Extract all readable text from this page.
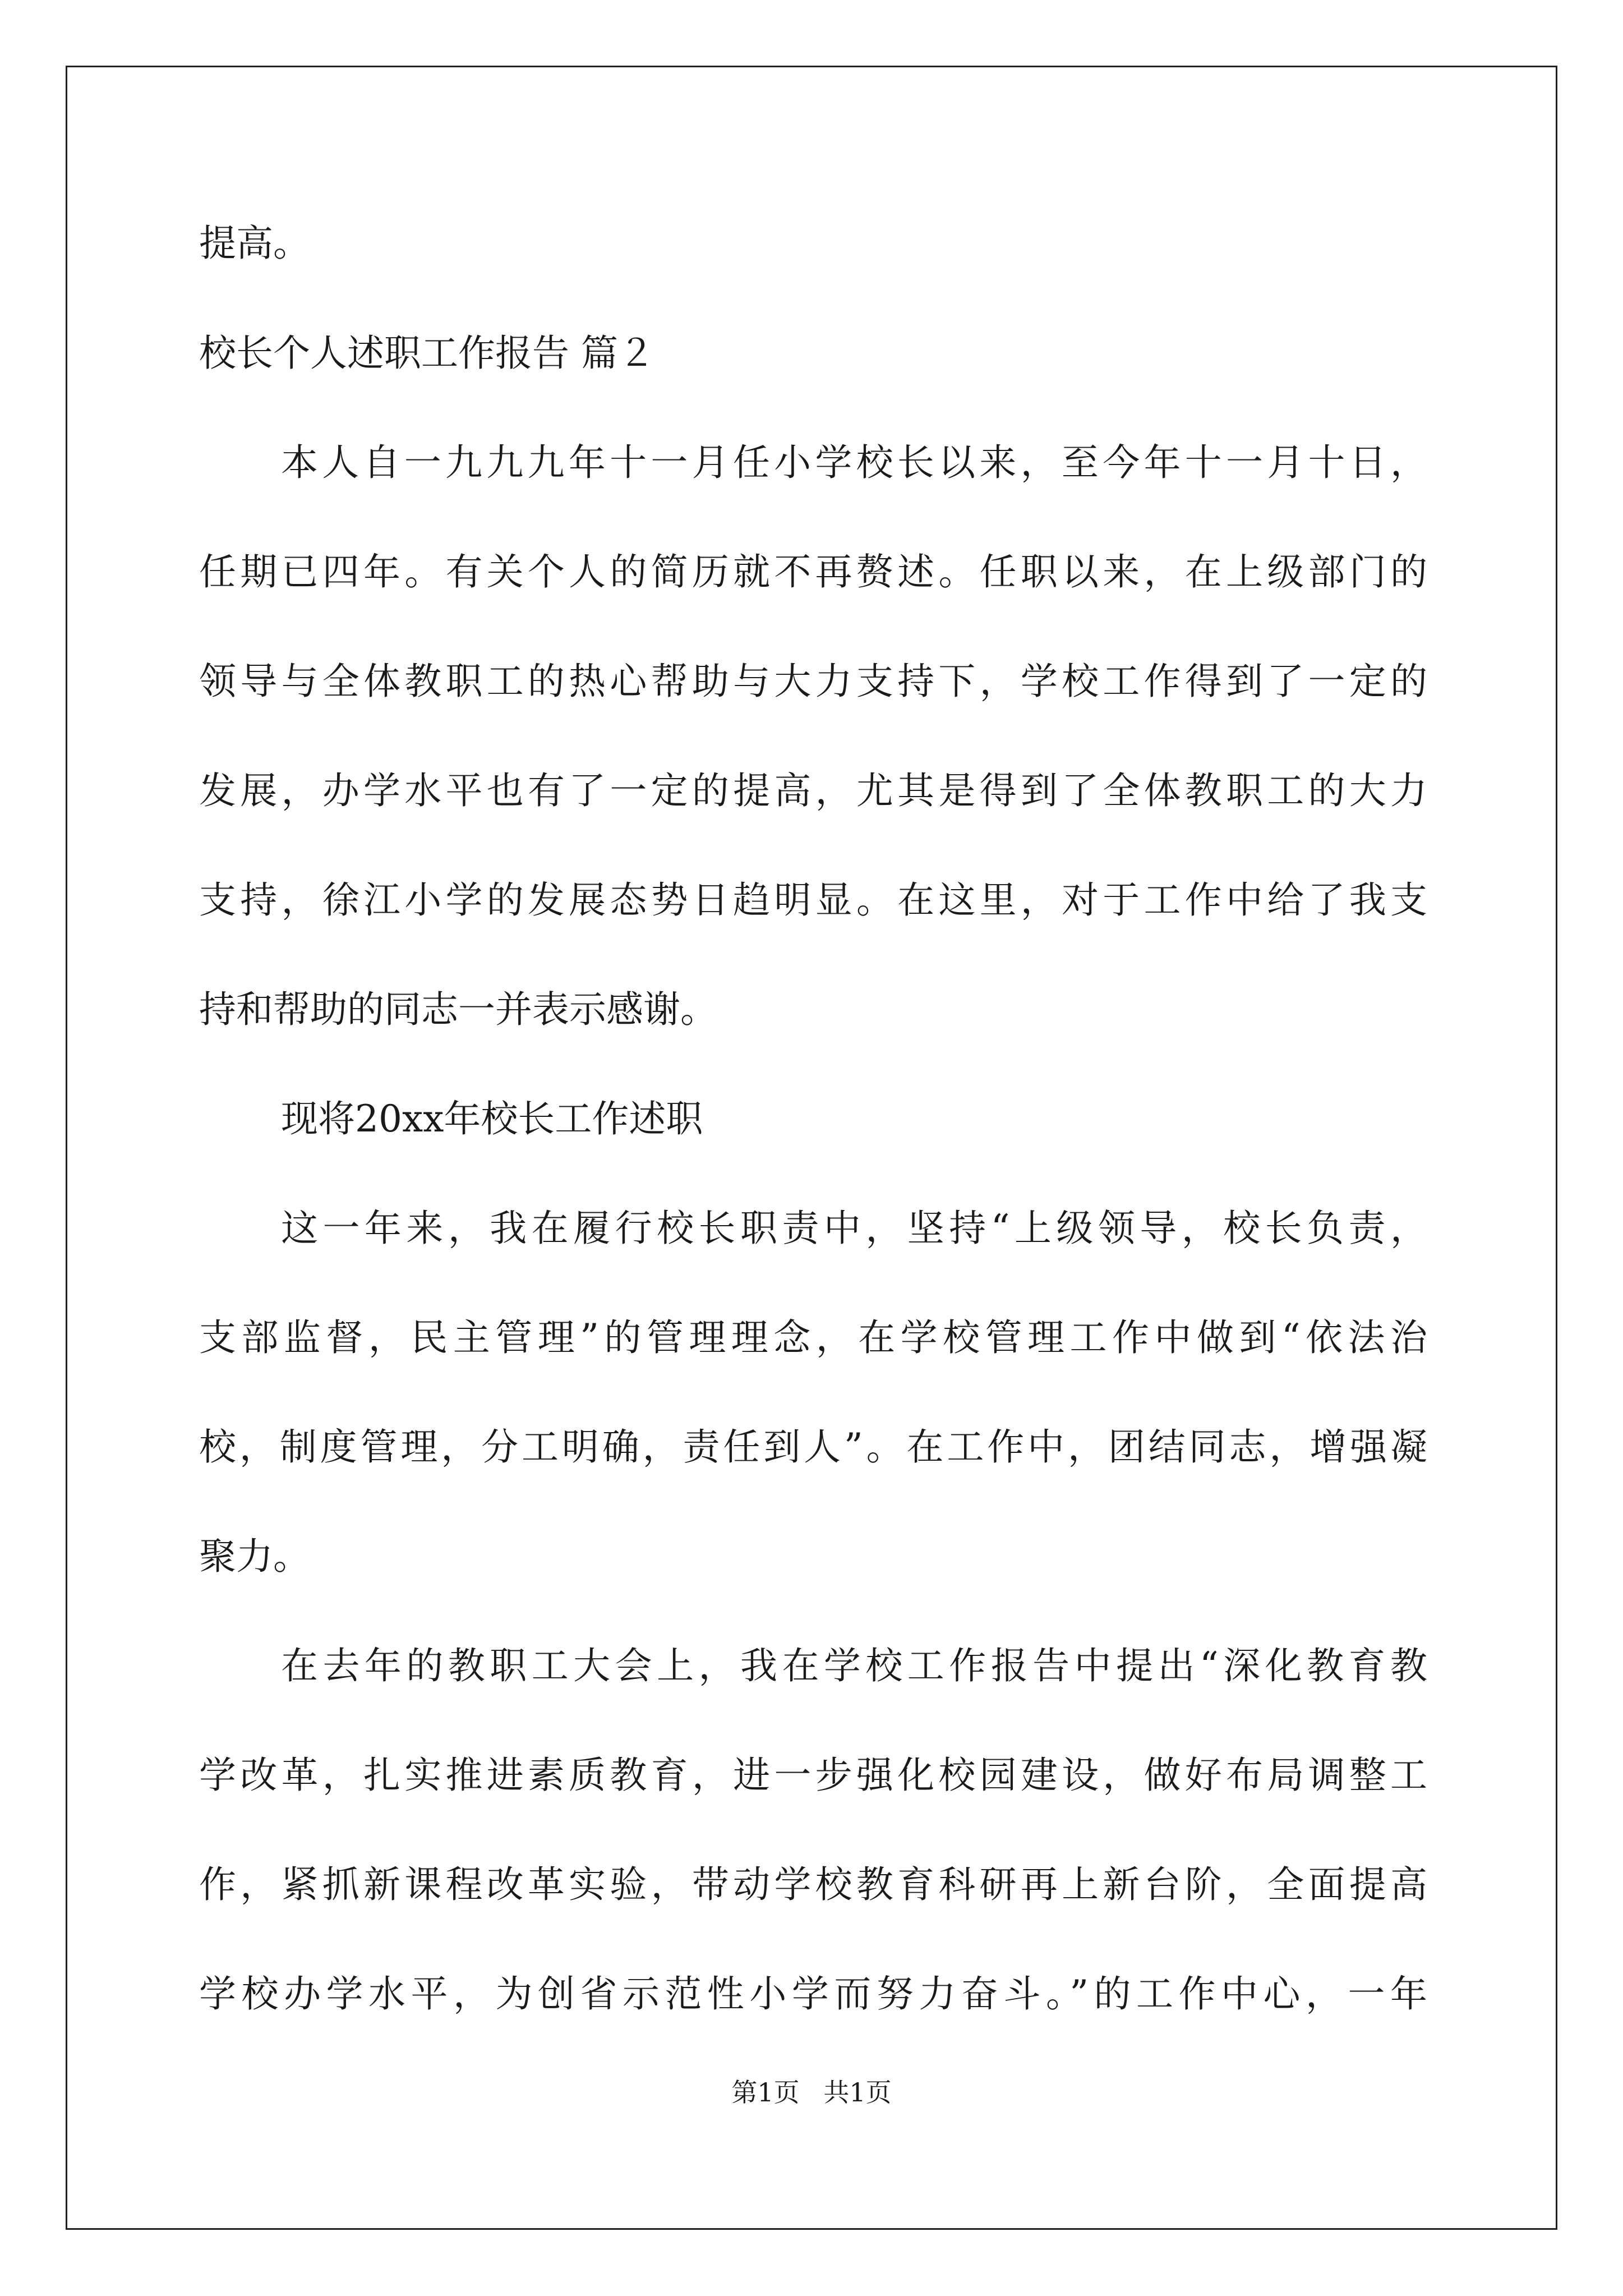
提高。
校长个人述职工作报告 篇２
本人自一九九九年十一月任小学校长以来，至今年十一月十日，
任期已四年。有关个人的简历就不再赘述。任职以来，在上级部门的
领导与全体教职工的热心帮助与大力支持下，学校工作得到了一定的
发展，办学水平也有了一定的提高，尤其是得到了全体教职工的大力
支持，徐江小学的发展态势日趋明显。在这里，对于工作中给了我支
持和帮助的同志一并表示感谢。
现将20xx年校长工作述职
这一年来，我在履行校长职责中，坚持“上级领导，校长负责，
支部监督，民主管理”的管理理念，在学校管理工作中做到“依法治
校，制度管理，分工明确，责任到人”。在工作中，团结同志，增强凝
聚力。
在去年的教职工大会上，我在学校工作报告中提出“深化教育教
学改革，扎实推进素质教育，进一步强化校园建设，做好布局调整工
作，紧抓新课程改革实验，带动学校教育科研再上新台阶，全面提高
学校办学水平，为创省示范性小学而努力奋斗。”的工作中心，一年
第1页 共1页
